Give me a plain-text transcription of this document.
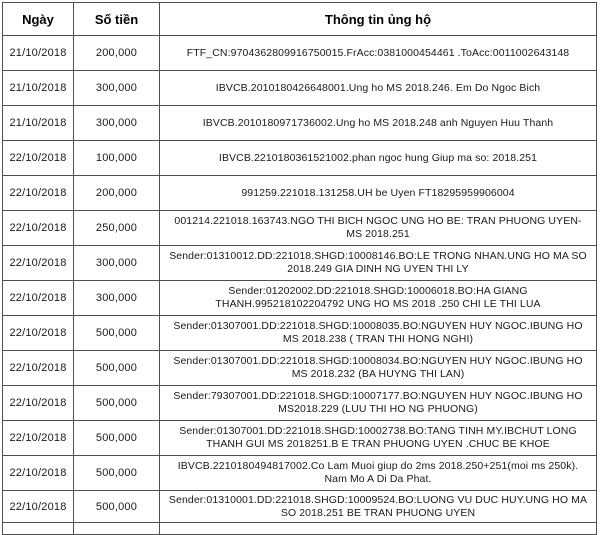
Ngày	Số tiền	Thông tin ủng hộ
21/10/2018	200,000	FTF_CN:9704362809916750015.FrAcc:0381000454461 .ToAcc:0011002643148
21/10/2018	300,000	IBVCB.2010180426648001.Ung ho MS 2018.246. Em Do Ngoc Bich
21/10/2018	300,000	IBVCB.2010180971736002.Ung ho MS 2018.248 anh Nguyen Huu Thanh
22/10/2018	100,000	IBVCB.2210180361521002.phan ngoc hung Giup ma so: 2018.251
22/10/2018	200,000	991259.221018.131258.UH be Uyen FT18295959906004
22/10/2018	250,000	001214.221018.163743.NGO THI BICH NGOC UNG HO BE: TRAN PHUONG UYEN-MS 2018.251
22/10/2018	300,000	Sender:01310012.DD:221018.SHGD:10008146.BO:LE TRONG NHAN.UNG HO MA SO 2018.249 GIA DINH NG UYEN THI LY
22/10/2018	300,000	Sender:01202002.DD:221018.SHGD:10006018.BO:HA GIANG THANH.995218102204792 UNG HO MS 2018 .250 CHI LE THI LUA
22/10/2018	500,000	Sender:01307001.DD:221018.SHGD:10008035.BO:NGUYEN HUY NGOC.IBUNG HO MS 2018.238 ( TRAN THI HONG NGHI)
22/10/2018	500,000	Sender:01307001.DD:221018.SHGD:10008034.BO:NGUYEN HUY NGOC.IBUNG HO MS 2018.232 (BA HUYNG THI LAN)
22/10/2018	500,000	Sender:79307001.DD:221018.SHGD:10007177.BO:NGUYEN HUY NGOC.IBUNG HO MS2018.229 (LUU THI HO NG PHUONG)
22/10/2018	500,000	Sender:01307001.DD:221018.SHGD:10002738.BO:TANG TINH MY.IBCHUT LONG THANH GUI MS 2018251.B E TRAN PHUONG UYEN .CHUC BE KHOE
22/10/2018	500,000	IBVCB.2210180494817002.Co Lam Muoi giup do 2ms 2018.250+251(moi ms 250k). Nam Mo A Di Da Phat.
22/10/2018	500,000	Sender:01310001.DD:221018.SHGD:10009524.BO:LUONG VU DUC HUY.UNG HO MA SO 2018.251 BE TRAN PHUONG UYEN
